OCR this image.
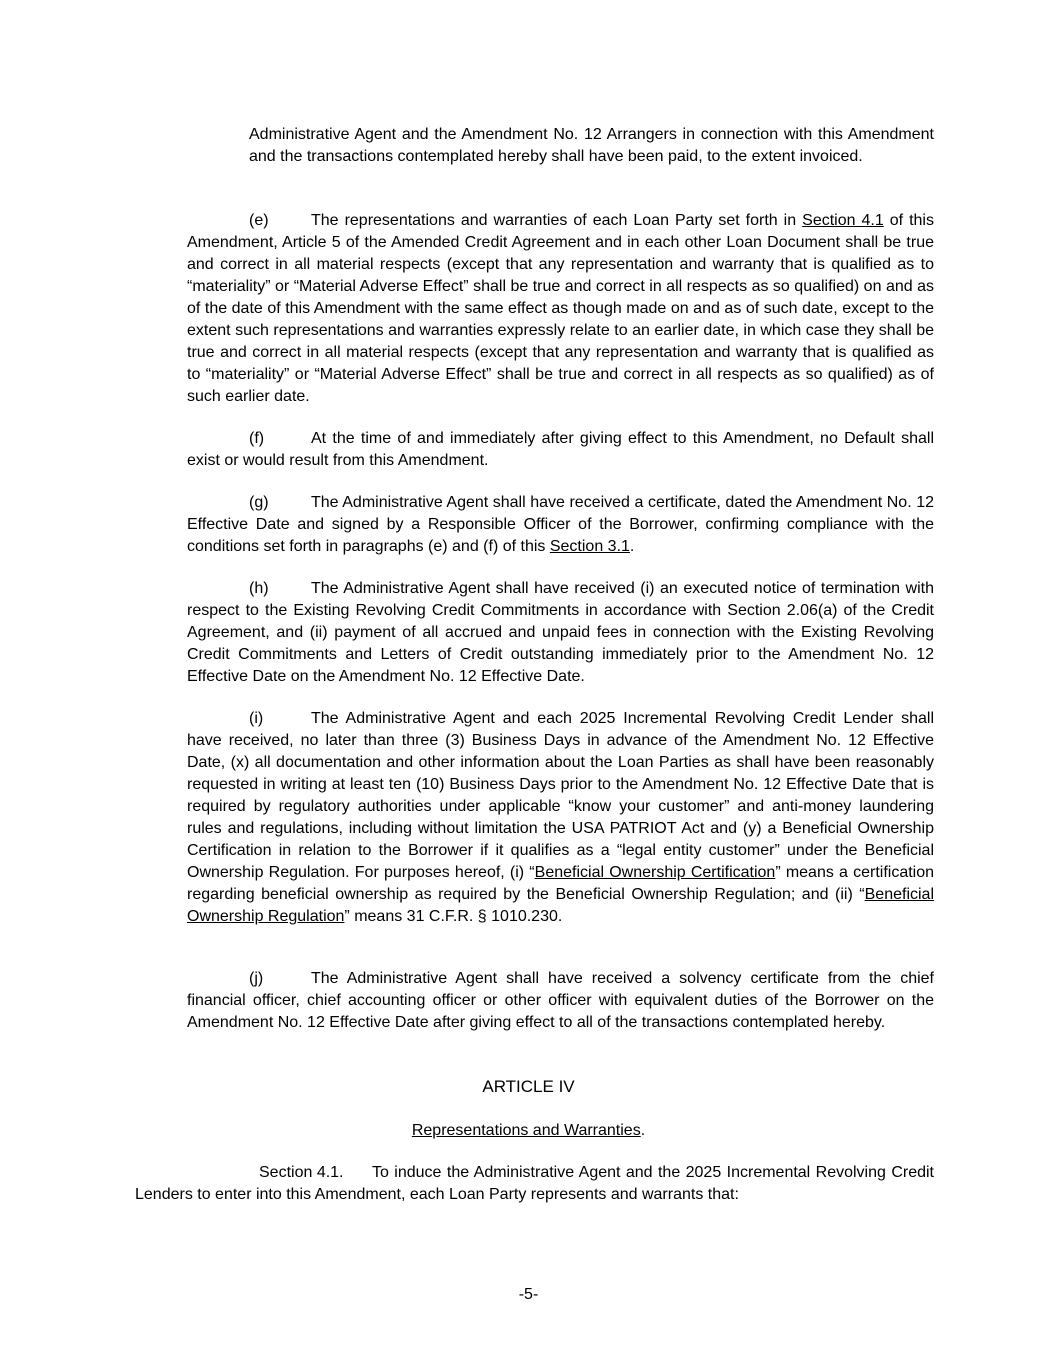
Administrative Agent and the Amendment No. 12 Arrangers in connection with this Amendment and the transactions contemplated hereby shall have been paid, to the extent invoiced.

(e)	The representations and warranties of each Loan Party set forth in Section 4.1 of this Amendment, Article 5 of the Amended Credit Agreement and in each other Loan Document shall be true and correct in all material respects (except that any representation and warranty that is qualified as to “materiality” or “Material Adverse Effect” shall be true and correct in all respects as so qualified) on and as of the date of this Amendment with the same effect as though made on and as of such date, except to the extent such representations and warranties expressly relate to an earlier date, in which case they shall be true and correct in all material respects (except that any representation and warranty that is qualified as to “materiality” or “Material Adverse Effect” shall be true and correct in all respects as so qualified) as of such earlier date.

(f)	At the time of and immediately after giving effect to this Amendment, no Default shall exist or would result from this Amendment.

(g)	The Administrative Agent shall have received a certificate, dated the Amendment No. 12 Effective Date and signed by a Responsible Officer of the Borrower, confirming compliance with the conditions set forth in paragraphs (e) and (f) of this Section 3.1.

(h)	The Administrative Agent shall have received (i) an executed notice of termination with respect to the Existing Revolving Credit Commitments in accordance with Section 2.06(a) of the Credit Agreement, and (ii) payment of all accrued and unpaid fees in connection with the Existing Revolving Credit Commitments and Letters of Credit outstanding immediately prior to the Amendment No. 12 Effective Date on the Amendment No. 12 Effective Date.

(i)	The Administrative Agent and each 2025 Incremental Revolving Credit Lender shall have received, no later than three (3) Business Days in advance of the Amendment No. 12 Effective Date, (x) all documentation and other information about the Loan Parties as shall have been reasonably requested in writing at least ten (10) Business Days prior to the Amendment No. 12 Effective Date that is required by regulatory authorities under applicable “know your customer” and anti-money laundering rules and regulations, including without limitation the USA PATRIOT Act and (y) a Beneficial Ownership Certification in relation to the Borrower if it qualifies as a “legal entity customer” under the Beneficial Ownership Regulation. For purposes hereof, (i) “Beneficial Ownership Certification” means a certification regarding beneficial ownership as required by the Beneficial Ownership Regulation; and (ii) “Beneficial Ownership Regulation” means 31 C.F.R. § 1010.230.

(j)	The Administrative Agent shall have received a solvency certificate from the chief financial officer, chief accounting officer or other officer with equivalent duties of the Borrower on the Amendment No. 12 Effective Date after giving effect to all of the transactions contemplated hereby.

ARTICLE IV

Representations and Warranties.

Section 4.1. To induce the Administrative Agent and the 2025 Incremental Revolving Credit Lenders to enter into this Amendment, each Loan Party represents and warrants that:

-5-
